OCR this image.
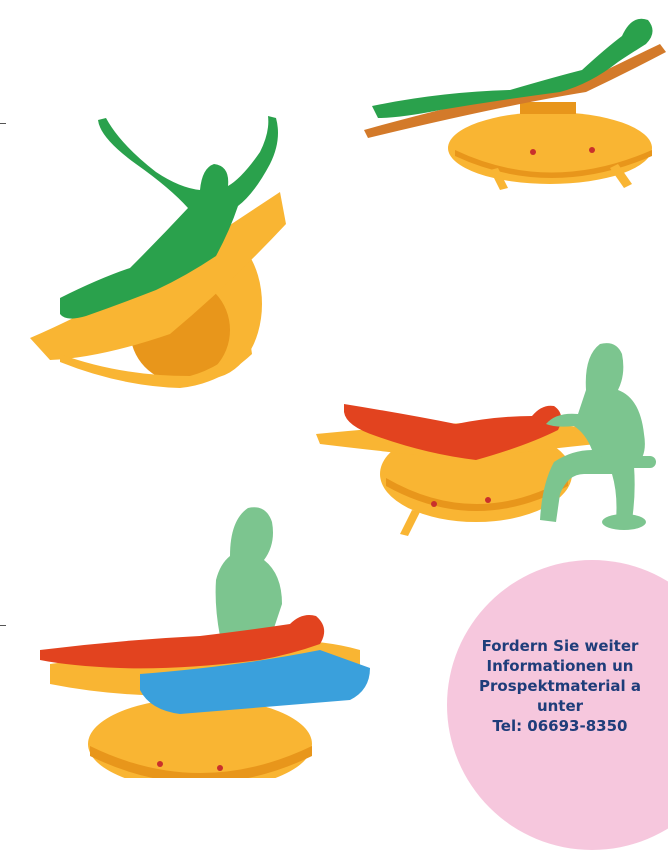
Fordern Sie weiter
Informationen un
Prospektmaterial a
unter
Tel: 06693-8350
